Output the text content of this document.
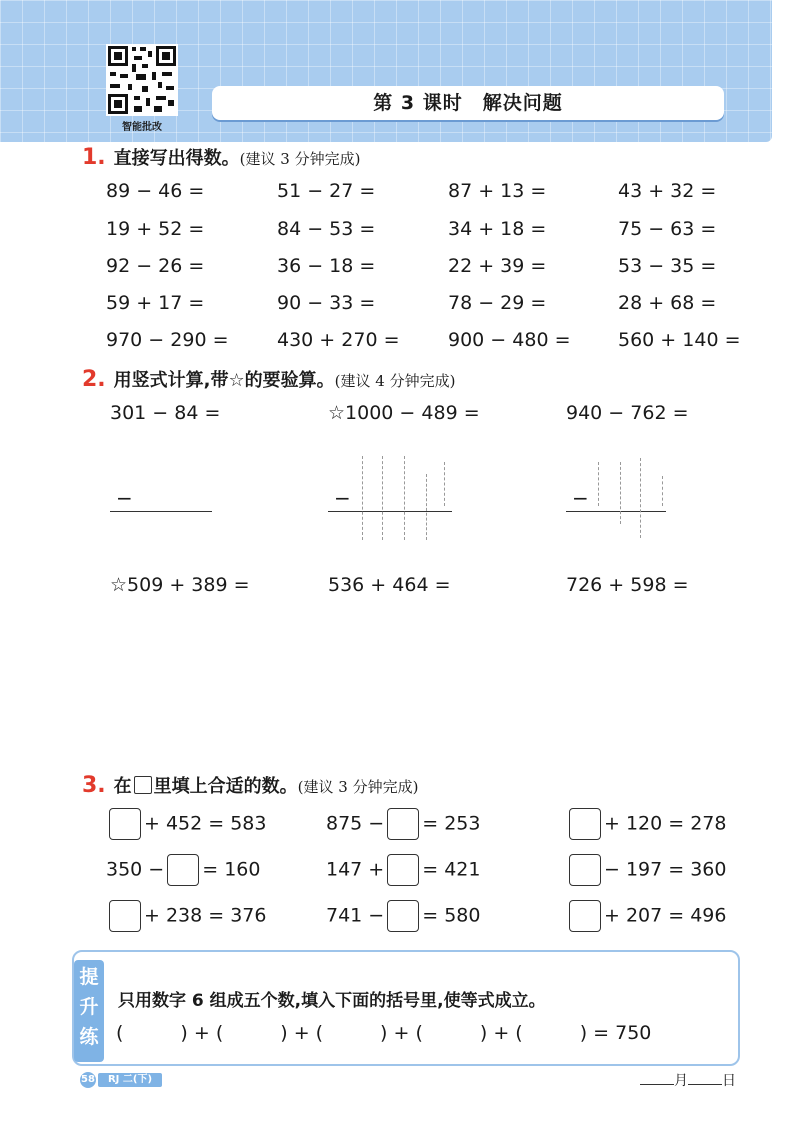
智能批改
第 3 课时　解决问题
1. 直接写出得数。(建议 3 分钟完成)
89 − 46 =	51 − 27 =	87 + 13 =	43 + 32 =
19 + 52 =	84 − 53 =	34 + 18 =	75 − 63 =
92 − 26 =	36 − 18 =	22 + 39 =	53 − 35 =
59 + 17 =	90 − 33 =	78 − 29 =	28 + 68 =
970 − 290 =	430 + 270 =	900 − 480 =	560 + 140 =
2. 用竖式计算,带☆的要验算。(建议 4 分钟完成)
301 − 84 =	☆1000 − 489 =	940 − 762 =
−	−	−
☆509 + 389 =	536 + 464 =	726 + 598 =
3. 在 里填上合适的数。(建议 3 分钟完成)
+ 452 = 583	875 − = 253	+ 120 = 278
350 − = 160	147 + = 421	− 197 = 360
+ 238 = 376	741 − = 580	+ 207 = 496
提
升
练
只用数字 6 组成五个数,填入下面的括号里,使等式成立。
(　　　) + (　　　) + (　　　) + (　　　) + (　　　) = 750
58	RJ 二(下)	月 日
